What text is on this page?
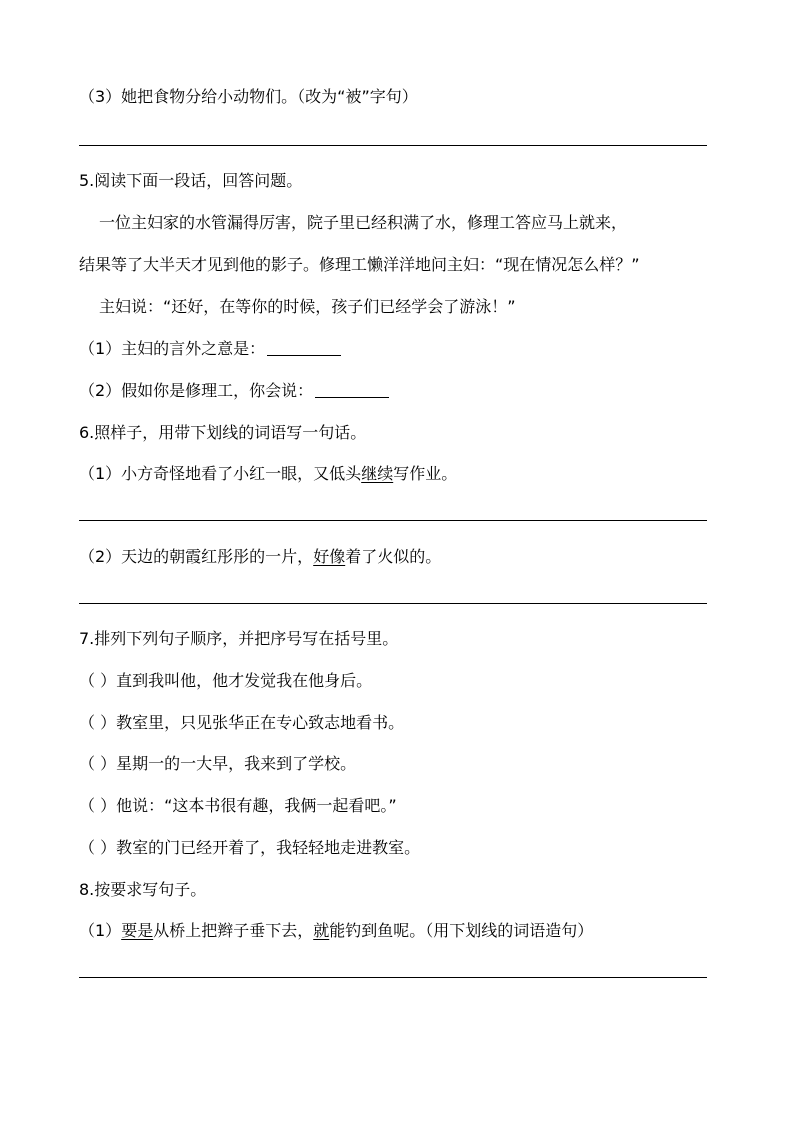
（3）她把食物分给小动物们。（改为“被”字句）
5.阅读下面一段话，回答问题。
一位主妇家的水管漏得厉害，院子里已经积满了水，修理工答应马上就来，
结果等了大半天才见到他的影子。修理工懒洋洋地问主妇：“现在情况怎么样？”
主妇说：“还好，在等你的时候，孩子们已经学会了游泳！”
（1）主妇的言外之意是：
（2）假如你是修理工，你会说：
6.照样子，用带下划线的词语写一句话。
（1）小方奇怪地看了小红一眼，又低头继续写作业。
（2）天边的朝霞红彤彤的一片，好像着了火似的。
7.排列下列句子顺序，并把序号写在括号里。
（ ）直到我叫他，他才发觉我在他身后。
（ ）教室里，只见张华正在专心致志地看书。
（ ）星期一的一大早，我来到了学校。
（ ）他说：“这本书很有趣，我俩一起看吧。”
（ ）教室的门已经开着了，我轻轻地走进教室。
8.按要求写句子。
（1）要是从桥上把辫子垂下去，就能钓到鱼呢。（用下划线的词语造句）
